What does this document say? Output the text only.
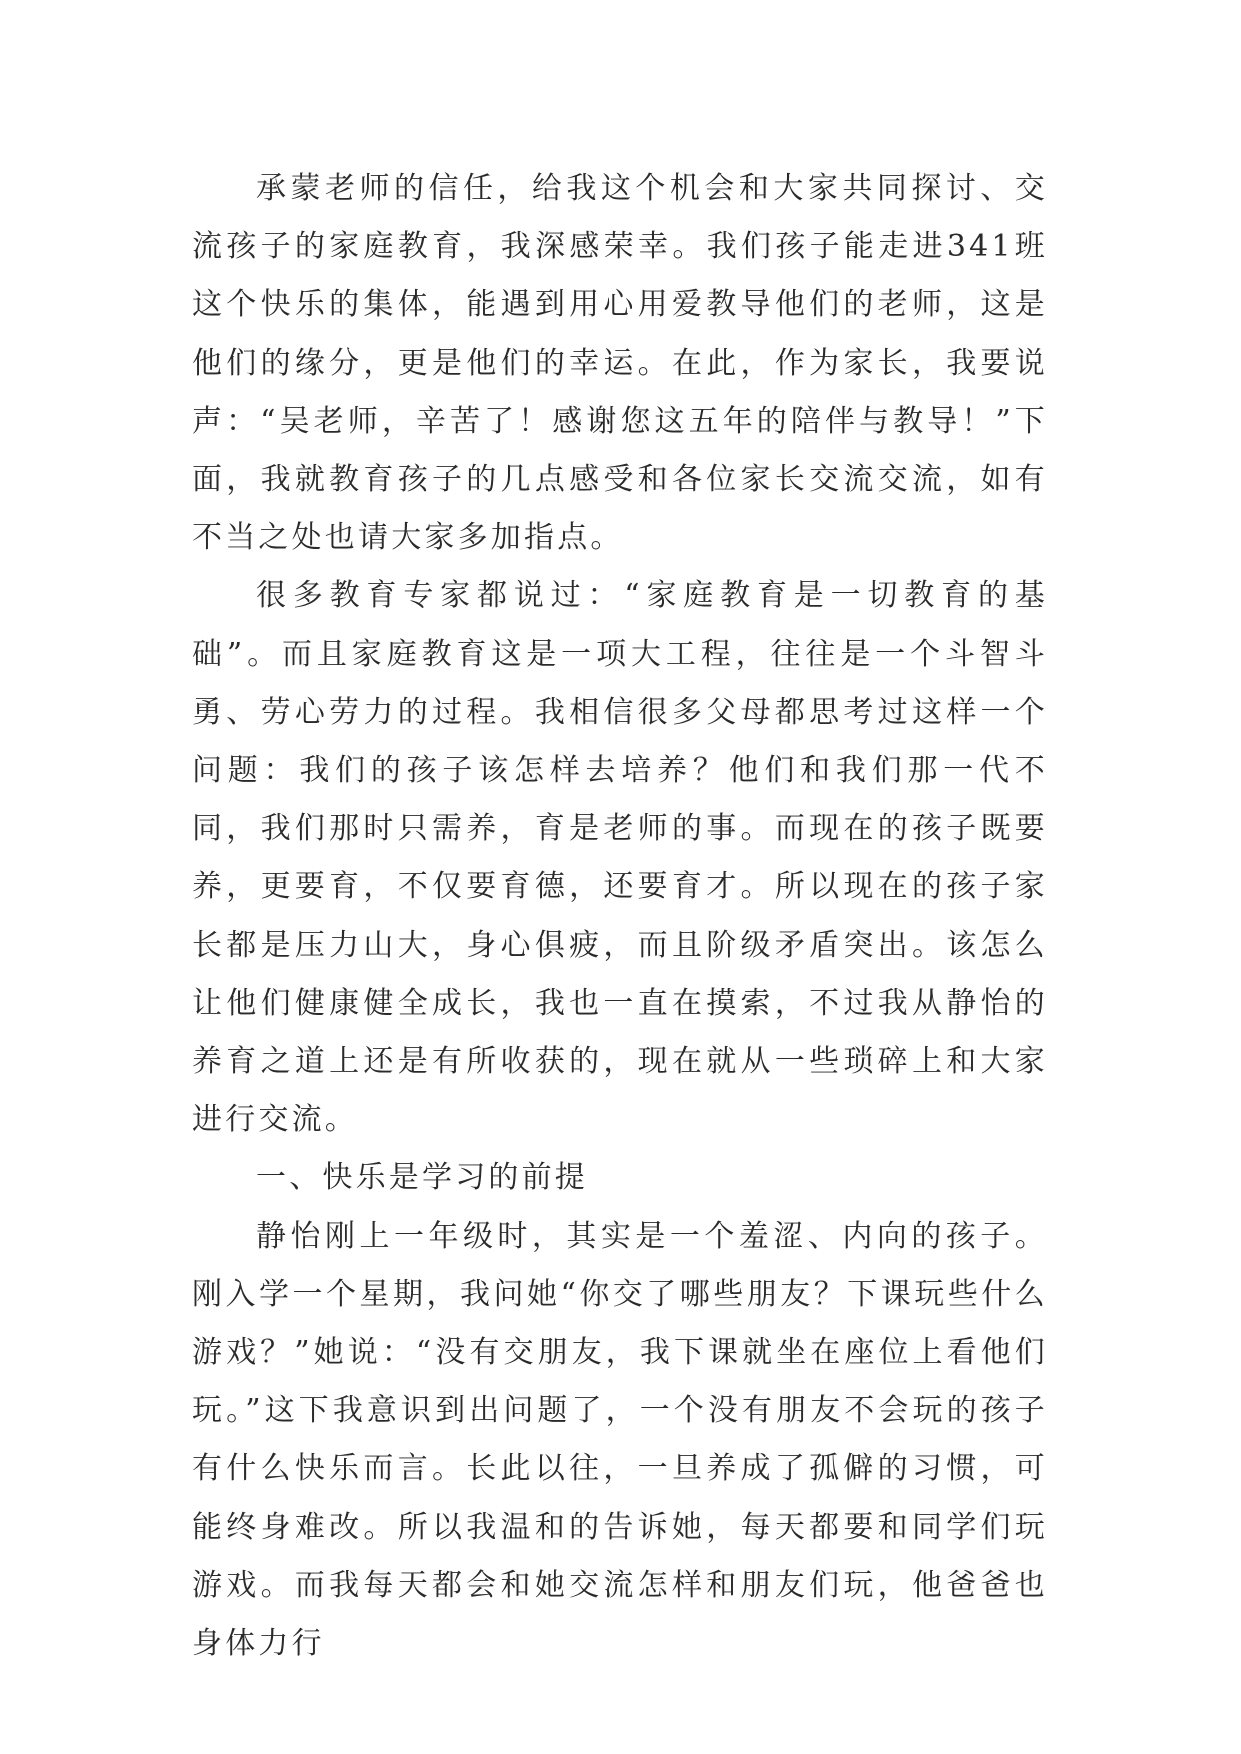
承蒙老师的信任，给我这个机会和大家共同探讨、交流孩子的家庭教育，我深感荣幸。我们孩子能走进341班这个快乐的集体，能遇到用心用爱教导他们的老师，这是他们的缘分，更是他们的幸运。在此，作为家长，我要说声：“吴老师，辛苦了！感谢您这五年的陪伴与教导！”下面，我就教育孩子的几点感受和各位家长交流交流，如有不当之处也请大家多加指点。

很多教育专家都说过：“家庭教育是一切教育的基础”。而且家庭教育这是一项大工程，往往是一个斗智斗勇、劳心劳力的过程。我相信很多父母都思考过这样一个问题：我们的孩子该怎样去培养？他们和我们那一代不同，我们那时只需养，育是老师的事。而现在的孩子既要养，更要育，不仅要育德，还要育才。所以现在的孩子家长都是压力山大，身心俱疲，而且阶级矛盾突出。该怎么让他们健康健全成长，我也一直在摸索，不过我从静怡的养育之道上还是有所收获的，现在就从一些琐碎上和大家进行交流。

一、快乐是学习的前提

静怡刚上一年级时，其实是一个羞涩、内向的孩子。刚入学一个星期，我问她“你交了哪些朋友？下课玩些什么游戏？”她说：“没有交朋友，我下课就坐在座位上看他们玩。”这下我意识到出问题了，一个没有朋友不会玩的孩子有什么快乐而言。长此以往，一旦养成了孤僻的习惯，可能终身难改。所以我温和的告诉她，每天都要和同学们玩游戏。而我每天都会和她交流怎样和朋友们玩，他爸爸也身体力行
